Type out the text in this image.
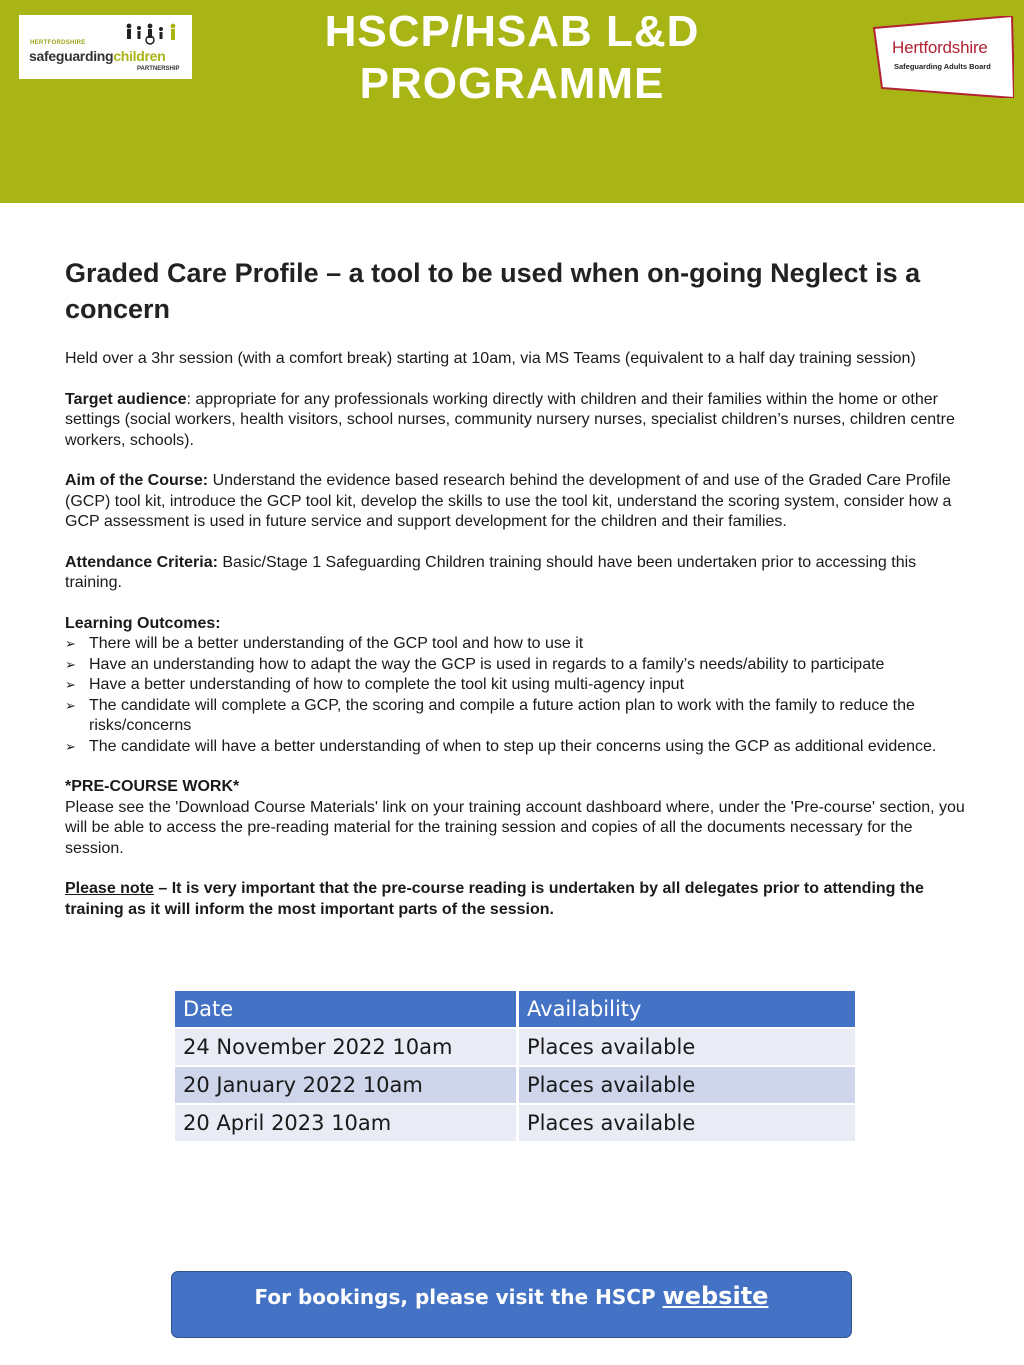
HERTFORDSHIRE
safeguardingchildren
PARTNERSHIP
HSCP/HSAB L&D
PROGRAMME
Hertfordshire
Safeguarding Adults Board
Graded Care Profile – a tool to be used when on-going Neglect is a concern

Held over a 3hr session (with a comfort break) starting at 10am, via MS Teams (equivalent to a half day training session)

Target audience: appropriate for any professionals working directly with children and their families within the home or other settings (social workers, health visitors, school nurses, community nursery nurses, specialist children’s nurses, children centre workers, schools).

Aim of the Course: Understand the evidence based research behind the development of and use of the Graded Care Profile (GCP) tool kit, introduce the GCP tool kit, develop the skills to use the tool kit, understand the scoring system, consider how a GCP assessment is used in future service and support development for the children and their families.

Attendance Criteria: Basic/Stage 1 Safeguarding Children training should have been undertaken prior to accessing this training.

Learning Outcomes:
➢ There will be a better understanding of the GCP tool and how to use it
➢ Have an understanding how to adapt the way the GCP is used in regards to a family’s needs/ability to participate
➢ Have a better understanding of how to complete the tool kit using multi-agency input
➢ The candidate will complete a GCP, the scoring and compile a future action plan to work with the family to reduce the risks/concerns
➢ The candidate will have a better understanding of when to step up their concerns using the GCP as additional evidence.
*PRE-COURSE WORK*
Please see the 'Download Course Materials' link on your training account dashboard where, under the 'Pre-course' section, you will be able to access the pre-reading material for the training session and copies of all the documents necessary for the session.

Please note – It is very important that the pre-course reading is undertaken by all delegates prior to attending the training as it will inform the most important parts of the session.

Date	Availability
24 November 2022 10am	Places available
20 January 2022 10am	Places available
20 April 2023 10am	Places available
For bookings, please visit the HSCP website
